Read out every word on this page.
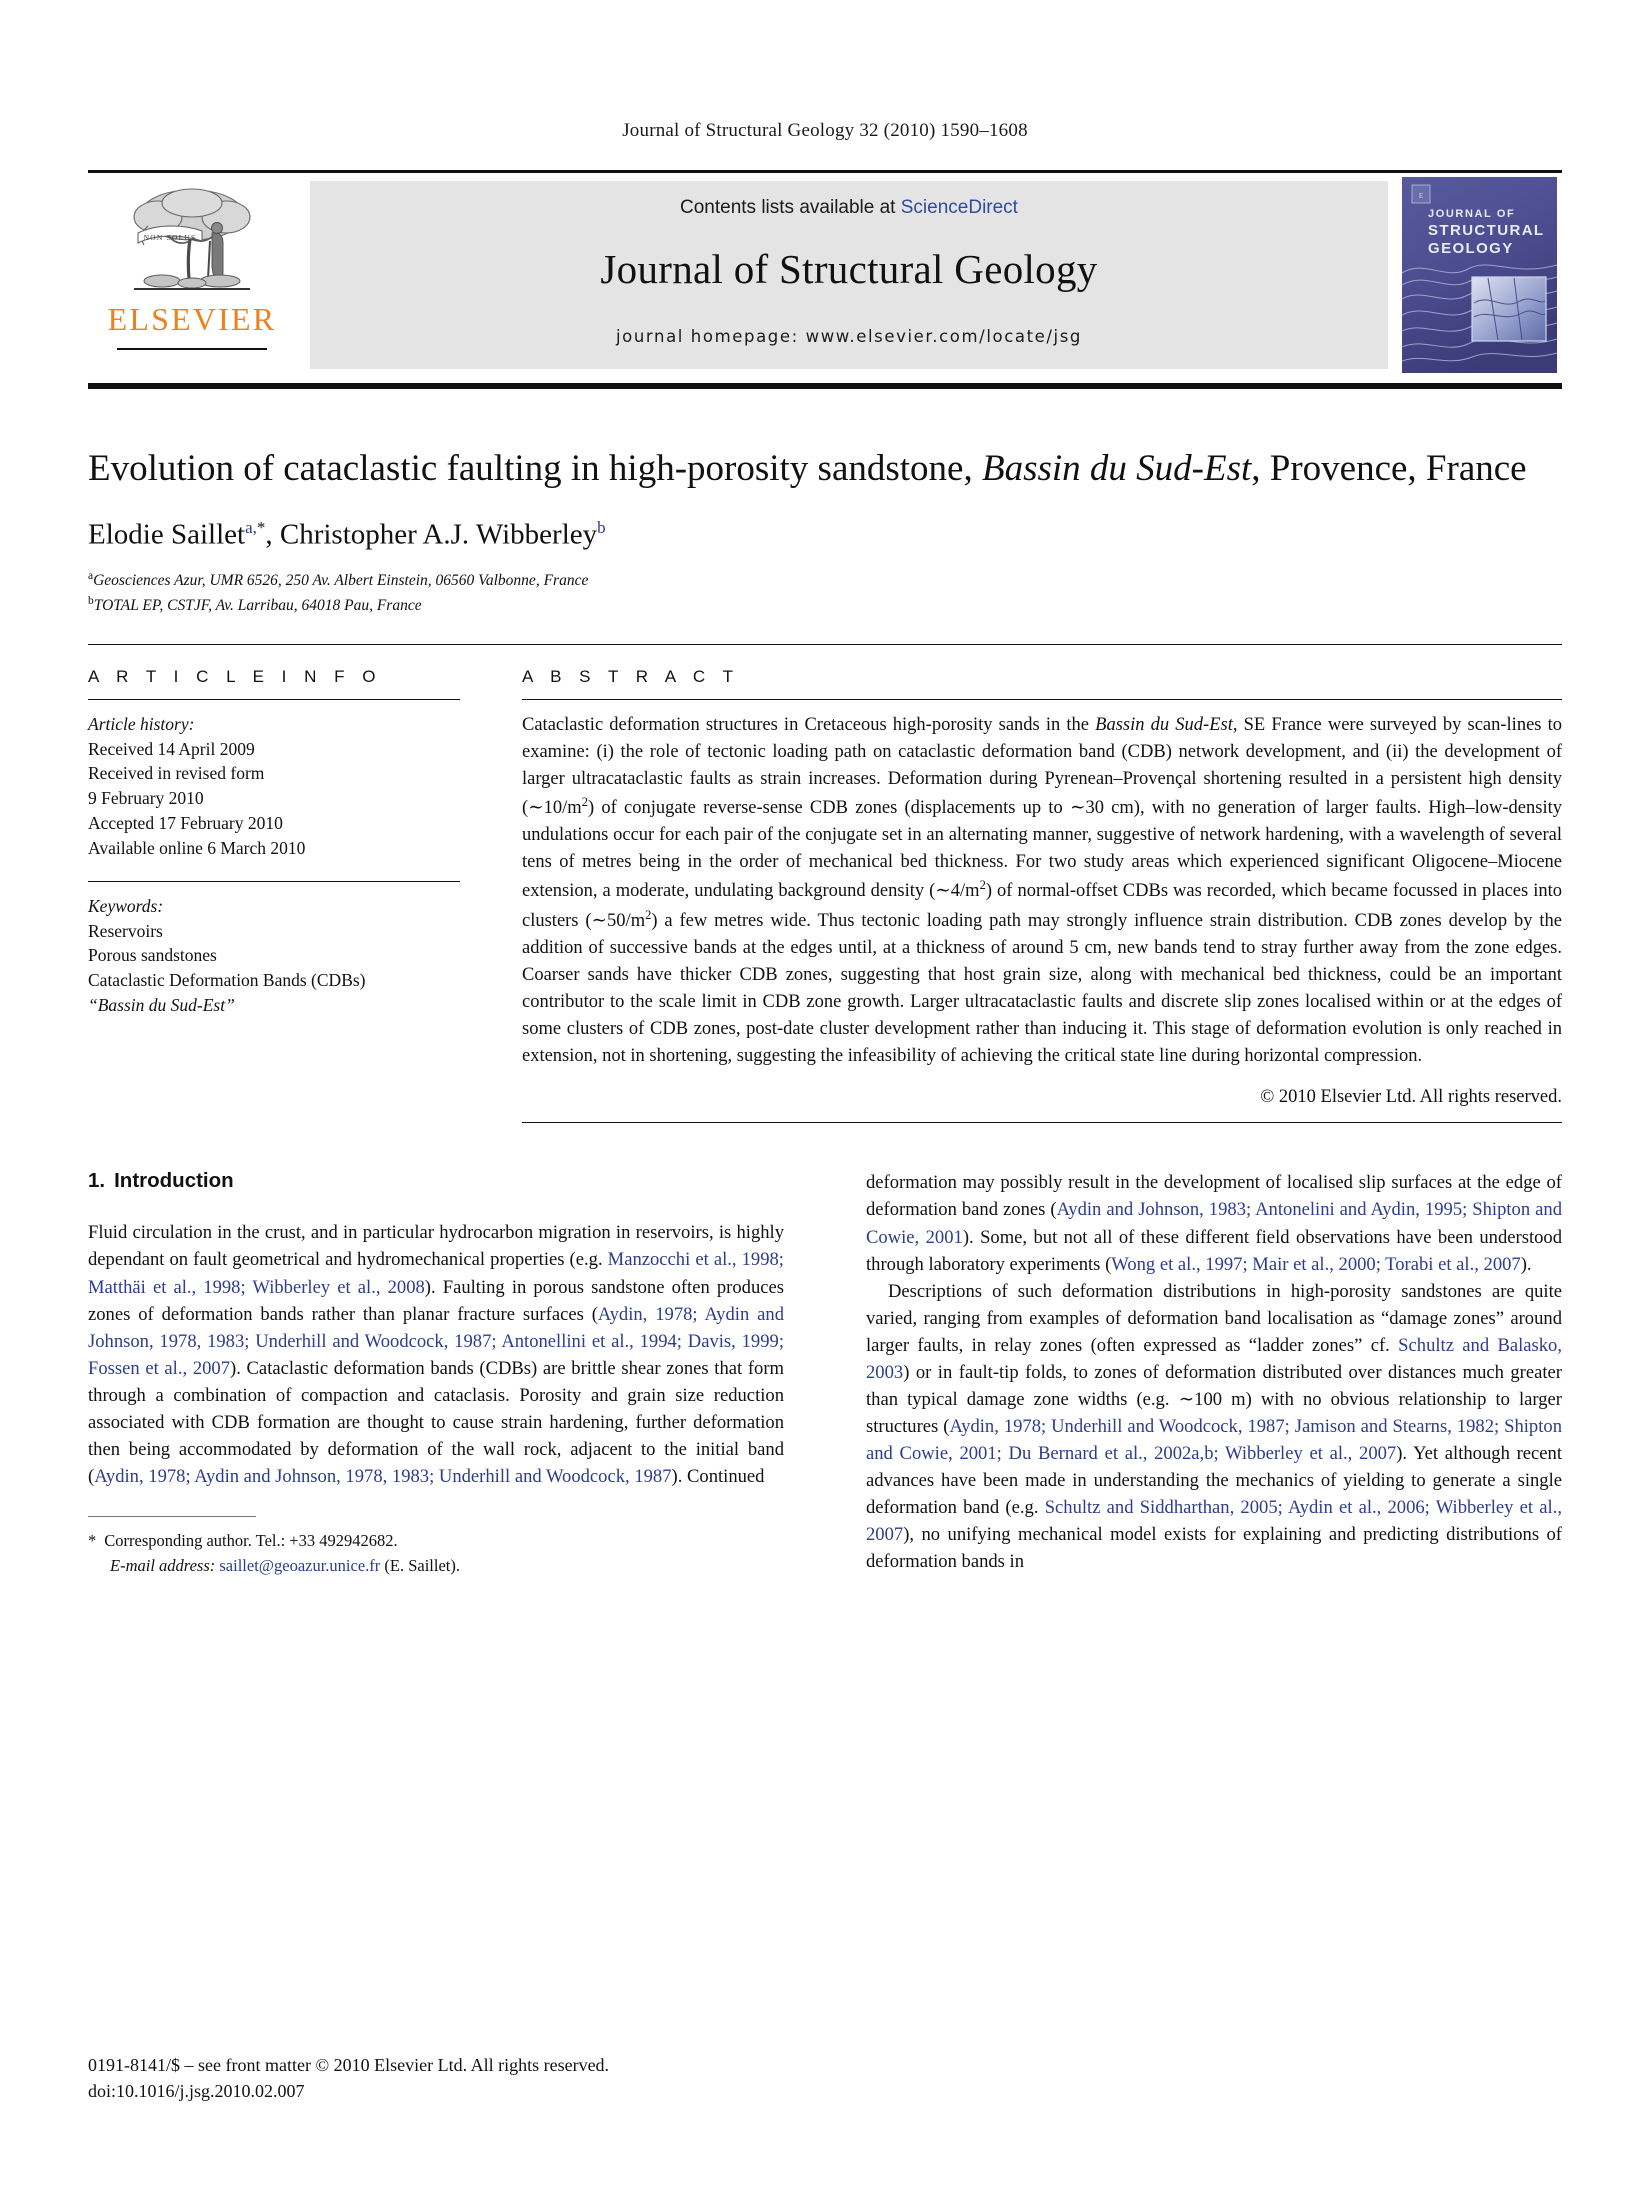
Journal of Structural Geology 32 (2010) 1590–1608
NON SOLUS
ELSEVIER
Contents lists available at ScienceDirect
Journal of Structural Geology
journal homepage: www.elsevier.com/locate/jsg
JOURNAL OF
STRUCTURAL
GEOLOGY
E
Evolution of cataclastic faulting in high-porosity sandstone, Bassin du Sud-Est, Provence, France
Elodie Saillet$^{a,*}$, Christopher A.J. Wibberley$^b$
$^a$Geosciences Azur, UMR 6526, 250 Av. Albert Einstein, 06560 Valbonne, France
$^b$TOTAL EP, CSTJF, Av. Larribau, 64018 Pau, France
A R T I C L E I N F O
Article history:
Received 14 April 2009
Received in revised form
9 February 2010
Accepted 17 February 2010
Available online 6 March 2010
Keywords:
Reservoirs
Porous sandstones
Cataclastic Deformation Bands (CDBs)
“Bassin du Sud-Est”
A B S T R A C T
Cataclastic deformation structures in Cretaceous high-porosity sands in the Bassin du Sud-Est, SE France were surveyed by scan-lines to examine: (i) the role of tectonic loading path on cataclastic deformation band (CDB) network development, and (ii) the development of larger ultracataclastic faults as strain increases. Deformation during Pyrenean–Provençal shortening resulted in a persistent high density $(\sim 10/m^2)$ of conjugate reverse-sense CDB zones (displacements up to ∼30 cm), with no generation of larger faults. High–low-density undulations occur for each pair of the conjugate set in an alternating manner, suggestive of network hardening, with a wavelength of several tens of metres being in the order of mechanical bed thickness. For two study areas which experienced significant Oligocene–Miocene extension, a moderate, undulating background density $(\sim 4/m^2)$ of normal-offset CDBs was recorded, which became focussed in places into clusters $(\sim 50/m^2)$ a few metres wide. Thus tectonic loading path may strongly influence strain distribution. CDB zones develop by the addition of successive bands at the edges until, at a thickness of around 5 cm, new bands tend to stray further away from the zone edges. Coarser sands have thicker CDB zones, suggesting that host grain size, along with mechanical bed thickness, could be an important contributor to the scale limit in CDB zone growth. Larger ultracataclastic faults and discrete slip zones localised within or at the edges of some clusters of CDB zones, post-date cluster development rather than inducing it. This stage of deformation evolution is only reached in extension, not in shortening, suggesting the infeasibility of achieving the critical state line during horizontal compression.
© 2010 Elsevier Ltd. All rights reserved.
1. Introduction

Fluid circulation in the crust, and in particular hydrocarbon migration in reservoirs, is highly dependant on fault geometrical and hydromechanical properties (e.g. Manzocchi et al., 1998; Matthäi et al., 1998; Wibberley et al., 2008). Faulting in porous sandstone often produces zones of deformation bands rather than planar fracture surfaces (Aydin, 1978; Aydin and Johnson, 1978, 1983; Underhill and Woodcock, 1987; Antonellini et al., 1994; Davis, 1999; Fossen et al., 2007). Cataclastic deformation bands (CDBs) are brittle shear zones that form through a combination of compaction and cataclasis. Porosity and grain size reduction associated with CDB formation are thought to cause strain hardening, further deformation then being accommodated by deformation of the wall rock, adjacent to the initial band (Aydin, 1978; Aydin and Johnson, 1978, 1983; Underhill and Woodcock, 1987). Continued

* Corresponding author. Tel.: +33 492942682.
E-mail address: saillet@geoazur.unice.fr (E. Saillet).

deformation may possibly result in the development of localised slip surfaces at the edge of deformation band zones (Aydin and Johnson, 1983; Antonelini and Aydin, 1995; Shipton and Cowie, 2001). Some, but not all of these different field observations have been understood through laboratory experiments (Wong et al., 1997; Mair et al., 2000; Torabi et al., 2007).

Descriptions of such deformation distributions in high-porosity sandstones are quite varied, ranging from examples of deformation band localisation as “damage zones” around larger faults, in relay zones (often expressed as “ladder zones” cf. Schultz and Balasko, 2003) or in fault-tip folds, to zones of deformation distributed over distances much greater than typical damage zone widths (e.g. ∼100 m) with no obvious relationship to larger structures (Aydin, 1978; Underhill and Woodcock, 1987; Jamison and Stearns, 1982; Shipton and Cowie, 2001; Du Bernard et al., 2002a,b; Wibberley et al., 2007). Yet although recent advances have been made in understanding the mechanics of yielding to generate a single deformation band (e.g. Schultz and Siddharthan, 2005; Aydin et al., 2006; Wibberley et al., 2007), no unifying mechanical model exists for explaining and predicting distributions of deformation bands in

0191-8141/$ – see front matter © 2010 Elsevier Ltd. All rights reserved.
doi:10.1016/j.jsg.2010.02.007
